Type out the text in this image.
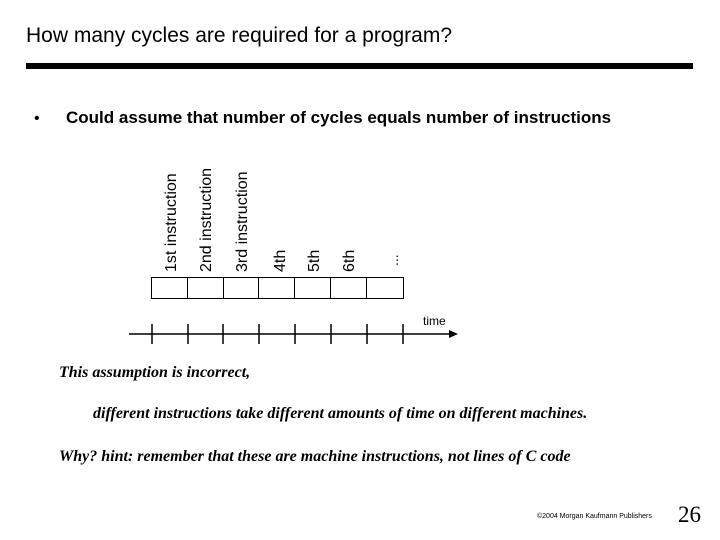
How many cycles are required for a program?
• Could assume that number of cycles equals number of instructions
1st instruction 2nd instruction 3rd instruction 4th 5th 6th ...
time
This assumption is incorrect,
different instructions take different amounts of time on different machines.
Why? hint: remember that these are machine instructions, not lines of C code
©2004 Morgan Kaufmann Publishers 26
